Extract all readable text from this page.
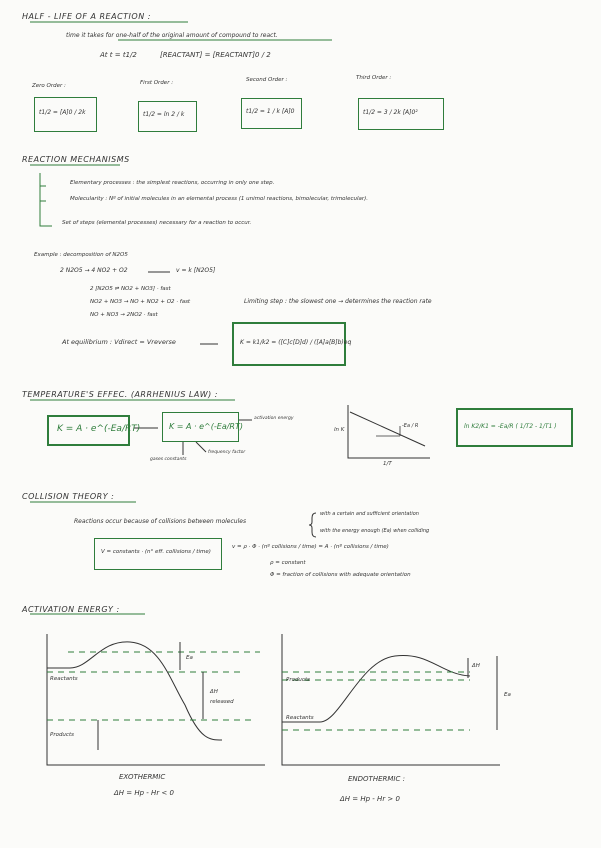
HALF - LIFE OF A REACTION :
time it takes for one-half of the original amount of compound to react.
At t = t1/2	[REACTANT] = [REACTANT]0 / 2
Zero Order :	First Order :	Second Order :	Third Order :
t1/2 = [A]0 / 2k	t1/2 = ln 2 / k	t1/2 = 1 / k [A]0	t1/2 = 3 / 2k [A]0²
REACTION MECHANISMS
Elementary processes : the simplest reactions, occurring in only one step.
Molecularity : Nº of initial molecules in an elemental process (1 unimol reactions, bimolecular, trimolecular).
Set of steps (elemental processes) necessary for a reaction to occur.
Example : decomposition of N2O5
2 N2O5 → 4 NO2 + O2	v = k [N2O5]
2 [N2O5 ⇌ NO2 + NO3] · fast
NO2 + NO3 → NO + NO2 + O2 · fast
NO + NO3 → 2NO2 · fast
Limiting step : the slowest one → determines the reaction rate
At equilibrium : Vdirect = Vreverse	K = k1/k2 = ([C]c[D]d) / ([A]a[B]b)eq
TEMPERATURE'S EFFEC. (ARRHENIUS LAW) :
K = A · e^(-Ea/RT)	K = A · e^(-Ea/RT)
activation energy
frequency factor
gases constants
ln K
1/T
-Ea / R	ln K2/K1 = -Ea/R ( 1/T2 - 1/T1 )
COLLISION THEORY :
Reactions occur because of collisions between molecules
with a certain and sufficient orientation
with the energy enough (Ea) when colliding
V = constants · (n° eff. collisions / time)
v = ρ · Φ · (nº collisions / time) = A · (nº collisions / time)
ρ = constant
Φ = fraction of collisions with adequate orientation
ACTIVATION ENERGY :
Ea
Reactants
ΔH
released
Products
EXOTHERMIC
ΔH = Hp - Hr < 0
ΔH
Ea
Products
Reactants
ENDOTHERMIC :
ΔH = Hp - Hr > 0
